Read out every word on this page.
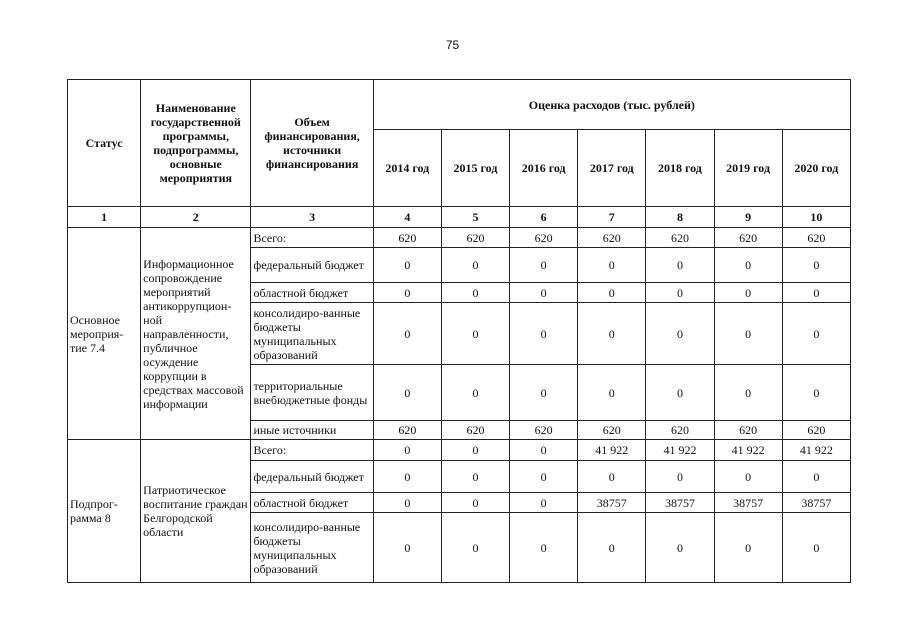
75
Статус	Наименование государственной программы, подпрограммы, основные мероприятия	Объем финансирования, источники финансирования	Оценка расходов (тыс. рублей)						
			2014 год	2015 год	2016 год	2017 год	2018 год	2019 год	2020 год
1	2	3	4	5	6	7	8	9	10
Основное мероприя-тие 7.4	Информационное сопровождение мероприятий антикоррупцион-ной направленности, публичное осуждение коррупции в средствах массовой информации	Всего:	620	620	620	620	620	620	620
		федеральный бюджет	0	0	0	0	0	0	0
		областной бюджет	0	0	0	0	0	0	0
		консолидиро-ванные бюджеты муниципальных образований	0	0	0	0	0	0	0
		территориальные внебюджетные фонды	0	0	0	0	0	0	0
		иные источники	620	620	620	620	620	620	620
Подпрог-рамма 8	Патриотическое воспитание граждан Белгородской области	Всего:	0	0	0	41 922	41 922	41 922	41 922
		федеральный бюджет	0	0	0	0	0	0	0
		областной бюджет	0	0	0	38757	38757	38757	38757
		консолидиро-ванные бюджеты муниципальных образований	0	0	0	0	0	0	0
